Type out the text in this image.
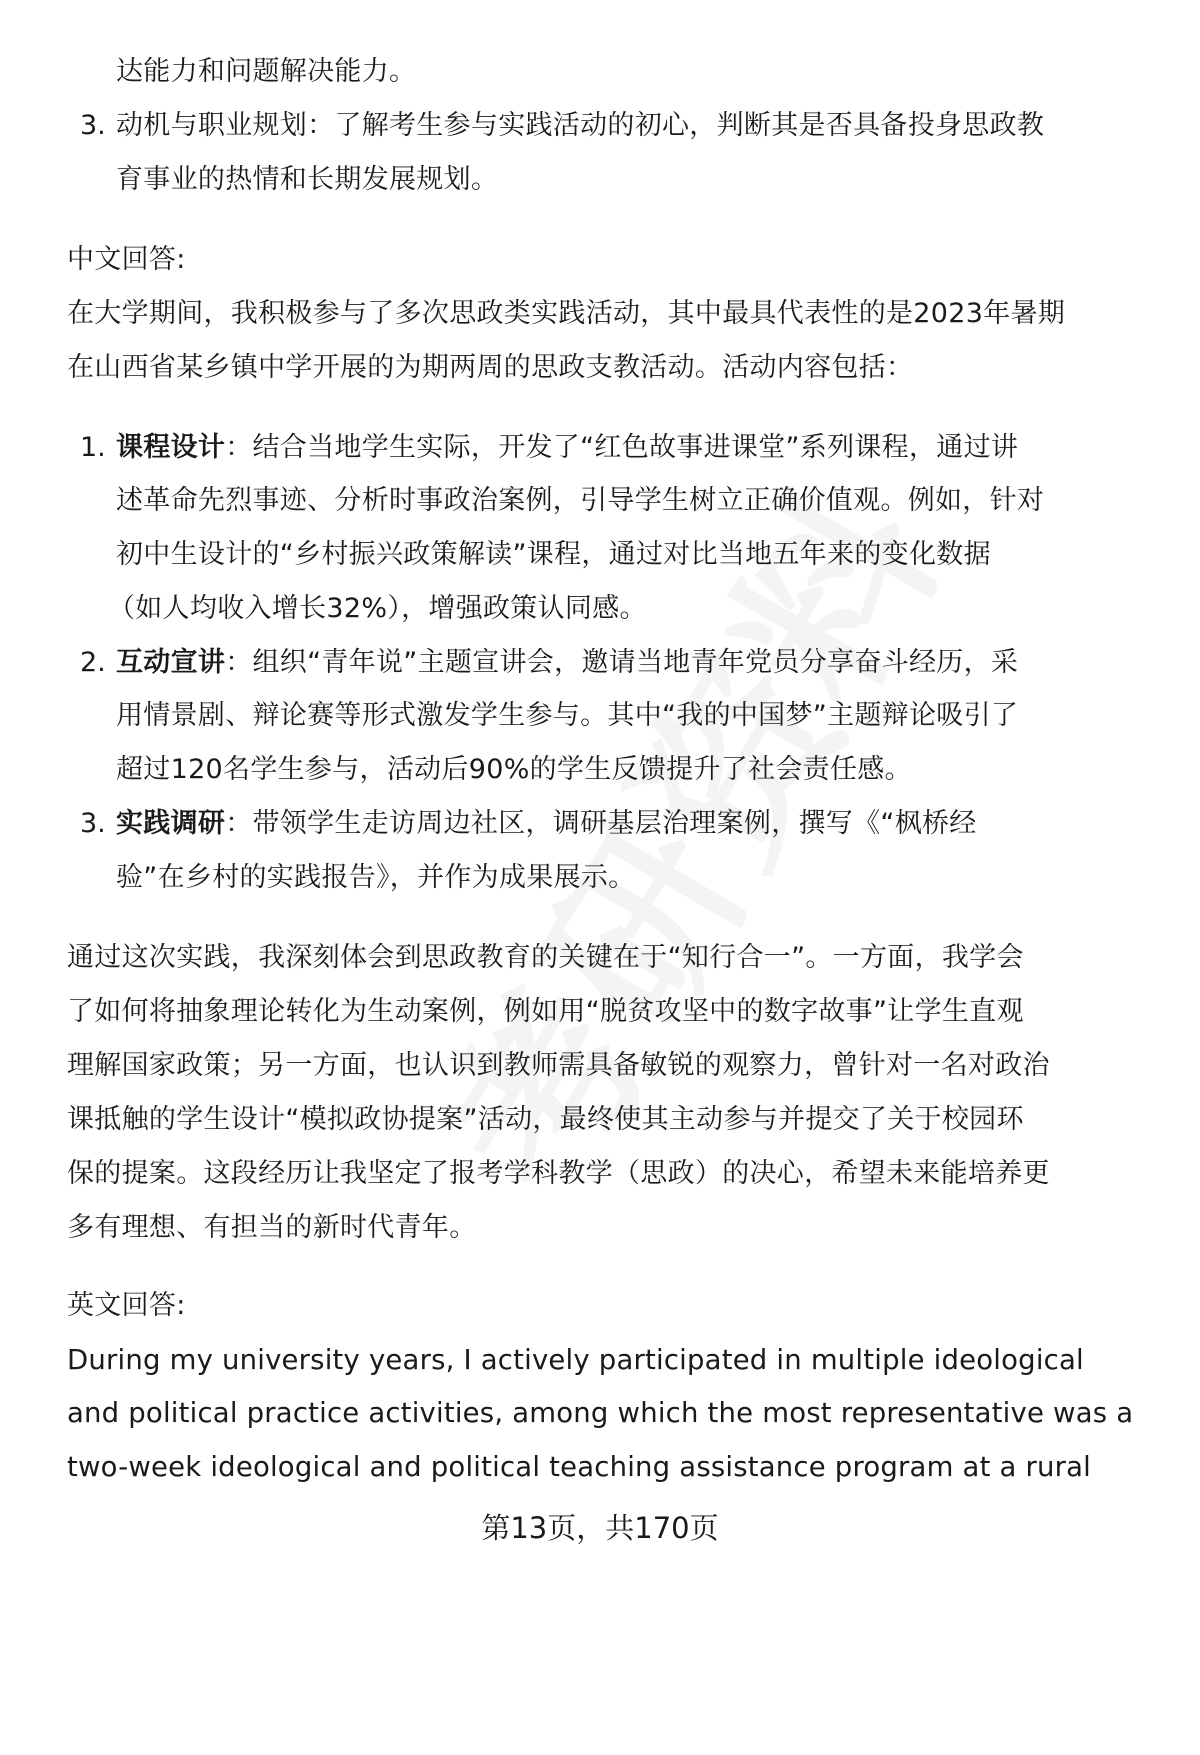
达能力和问题解决能力。
3. 动机与职业规划：了解考生参与实践活动的初心，判断其是否具备投身思政教
育事业的热情和长期发展规划。
中文回答:
在大学期间，我积极参与了多次思政类实践活动，其中最具代表性的是2023年暑期
在山西省某乡镇中学开展的为期两周的思政支教活动。活动内容包括：
1. 课程设计：结合当地学生实际，开发了“红色故事进课堂”系列课程，通过讲
述革命先烈事迹、分析时事政治案例，引导学生树立正确价值观。例如，针对
初中生设计的“乡村振兴政策解读”课程，通过对比当地五年来的变化数据
（如人均收入增长32%），增强政策认同感。
2. 互动宣讲：组织“青年说”主题宣讲会，邀请当地青年党员分享奋斗经历，采
用情景剧、辩论赛等形式激发学生参与。其中“我的中国梦”主题辩论吸引了
超过120名学生参与，活动后90%的学生反馈提升了社会责任感。
3. 实践调研：带领学生走访周边社区，调研基层治理案例，撰写《“枫桥经
验”在乡村的实践报告》，并作为成果展示。
通过这次实践，我深刻体会到思政教育的关键在于“知行合一”。一方面，我学会
了如何将抽象理论转化为生动案例，例如用“脱贫攻坚中的数字故事”让学生直观
理解国家政策；另一方面，也认识到教师需具备敏锐的观察力，曾针对一名对政治
课抵触的学生设计“模拟政协提案”活动，最终使其主动参与并提交了关于校园环
保的提案。这段经历让我坚定了报考学科教学（思政）的决心，希望未来能培养更
多有理想、有担当的新时代青年。
英文回答:
During my university years, I actively participated in multiple ideological
and political practice activities, among which the most representative was a
two-week ideological and political teaching assistance program at a rural
第13页，共170页
